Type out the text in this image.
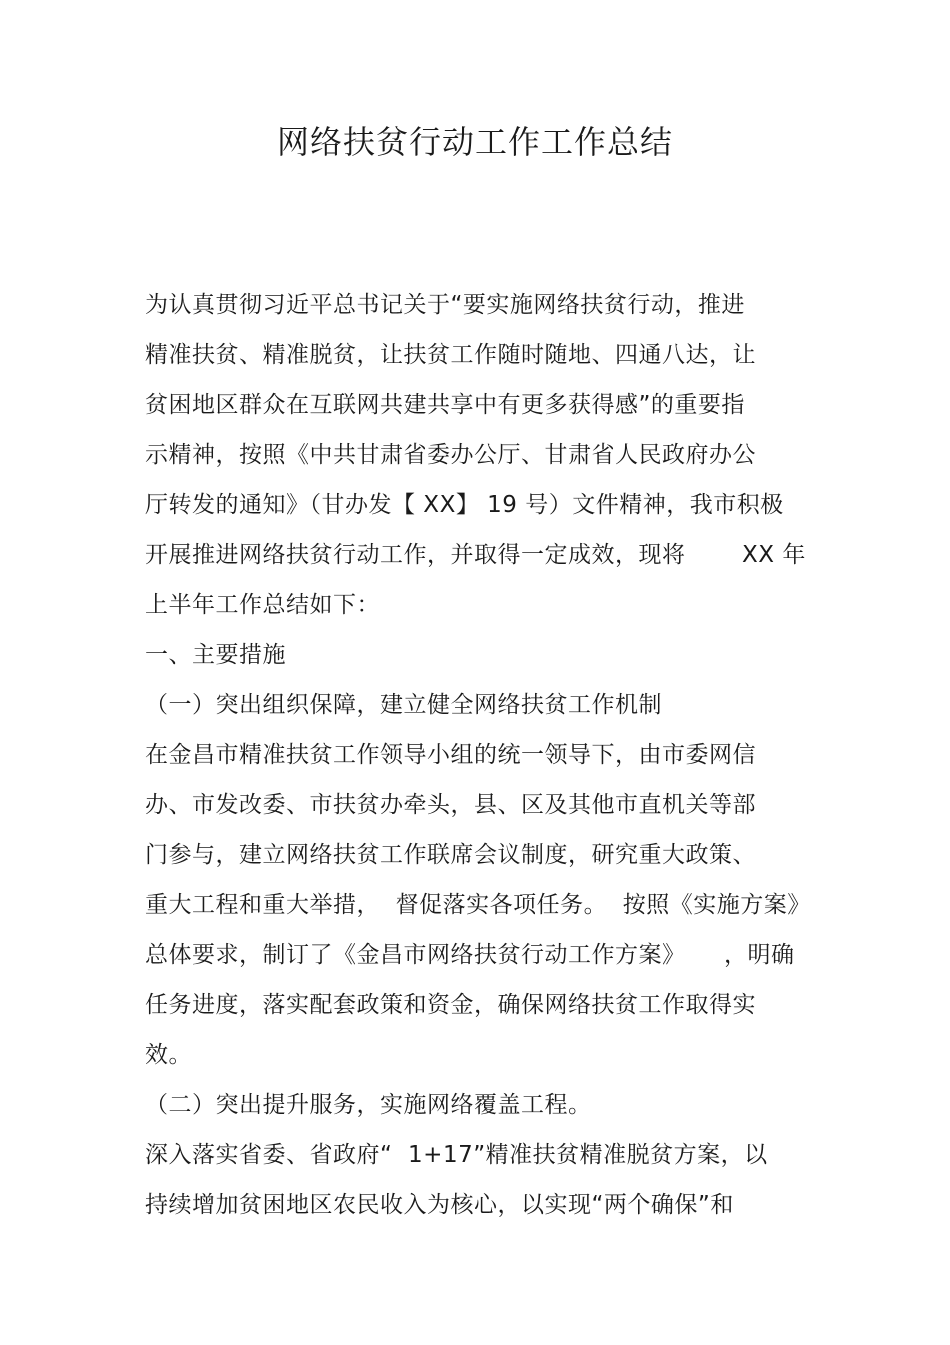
网络扶贫行动工作工作总结
为认真贯彻习近平总书记关于“要实施网络扶贫行动，推进
精准扶贫、精准脱贫，让扶贫工作随时随地、四通八达，让
贫困地区群众在互联网共建共享中有更多获得感”的重要指
示精神，按照《中共甘肃省委办公厅、甘肃省人民政府办公
厅转发的通知》（甘办发【 XX】 19 号）文件精神，我市积极
开展推进网络扶贫行动工作，并取得一定成效，现将 XX 年
上半年工作总结如下：
一、主要措施
（一）突出组织保障，建立健全网络扶贫工作机制
在金昌市精准扶贫工作领导小组的统一领导下，由市委网信
办、市发改委、市扶贫办牵头，县、区及其他市直机关等部
门参与，建立网络扶贫工作联席会议制度，研究重大政策、
重大工程和重大举措，  督促落实各项任务。  按照《实施方案》
总体要求，制订了《金昌市网络扶贫行动工作方案》 ，明确
任务进度，落实配套政策和资金，确保网络扶贫工作取得实
效。
（二）突出提升服务，实施网络覆盖工程。
深入落实省委、省政府“  1+17”精准扶贫精准脱贫方案，以
持续增加贫困地区农民收入为核心，以实现“两个确保”和
